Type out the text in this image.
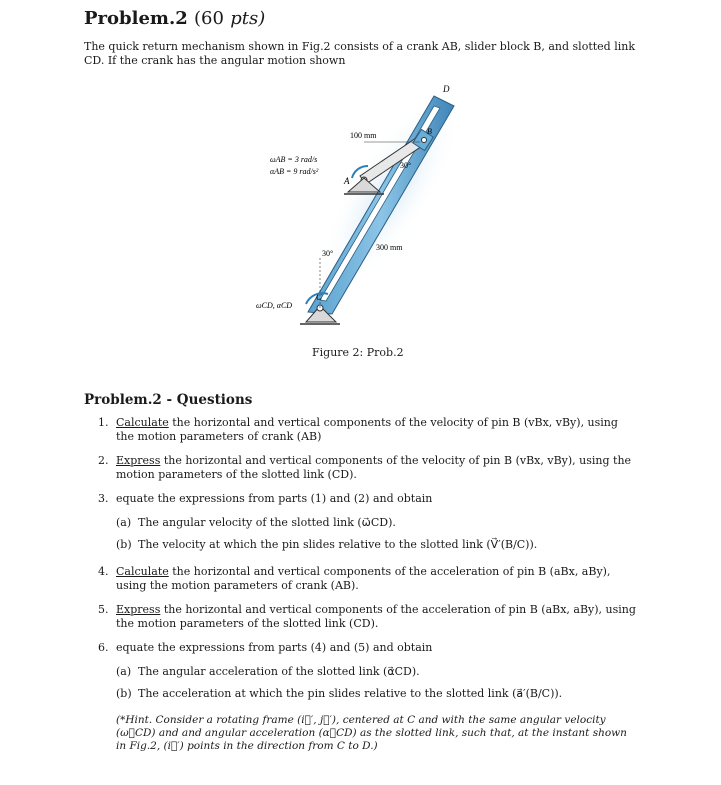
Problem.2 (60 pts)
The quick return mechanism shown in Fig.2 consists of a crank AB, slider block B, and slotted link CD. If the crank has the angular motion shown
D
B
A
C
100 mm
300 mm
30°
30°
ωAB = 3 rad/s
αAB = 9 rad/s²
ωCD, αCD
Figure 2: Prob.2
Problem.2 - Questions
1. Calculate the horizontal and vertical components of the velocity of pin B (vBx, vBy), using the motion parameters of crank (AB)
2. Express the horizontal and vertical components of the velocity of pin B (vBx, vBy), using the motion parameters of the slotted link (CD).
3. equate the expressions from parts (1) and (2) and obtain
(a) The angular velocity of the slotted link (ω⃗CD).
(b) The velocity at which the pin slides relative to the slotted link (V⃗′(B/C)).
4. Calculate the horizontal and vertical components of the acceleration of pin B (aBx, aBy), using the motion parameters of crank (AB).
5. Express the horizontal and vertical components of the acceleration of pin B (aBx, aBy), using the motion parameters of the slotted link (CD).
6. equate the expressions from parts (4) and (5) and obtain
(a) The angular acceleration of the slotted link (α⃗CD).
(b) The acceleration at which the pin slides relative to the slotted link (a⃗′(B/C)).
(*Hint. Consider a rotating frame (i⃗′, j⃗′), centered at C and with the same angular velocity (ω⃗CD) and and angular acceleration (α⃗CD) as the slotted link, such that, at the instant shown in Fig.2, (i⃗′) points in the direction from C to D.)
